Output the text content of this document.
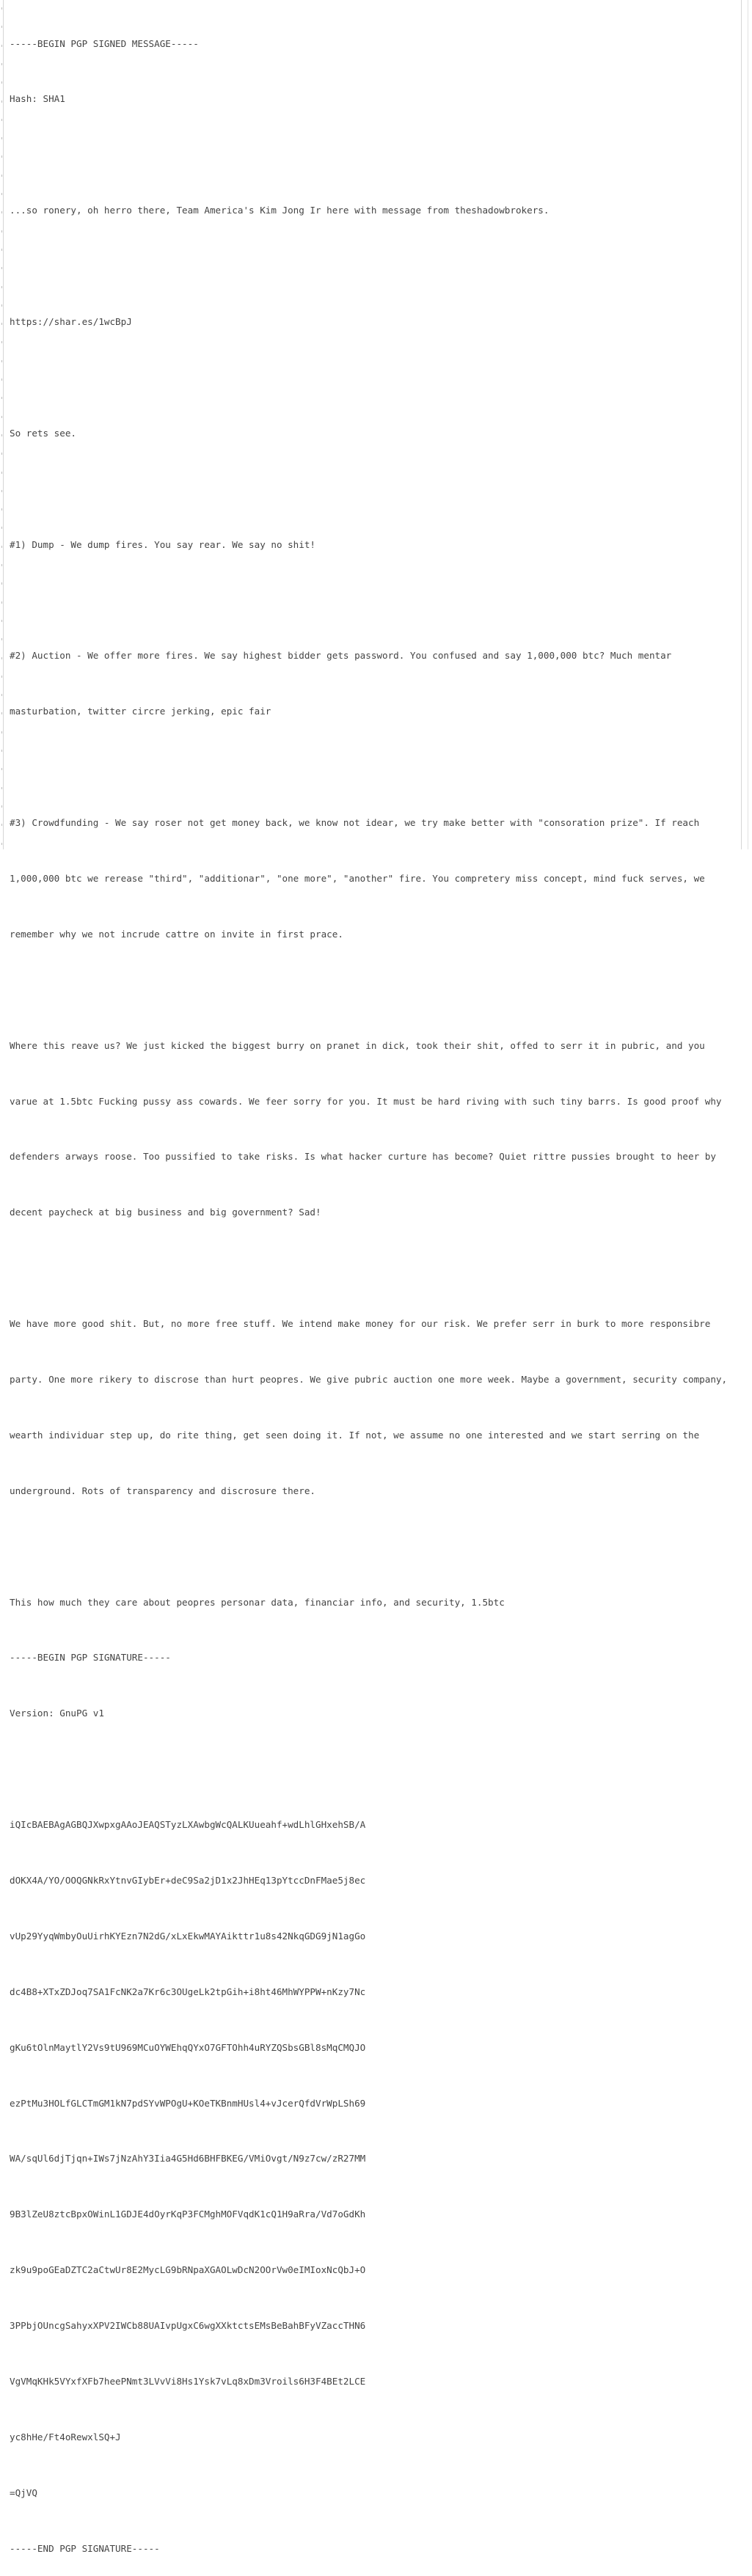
-----BEGIN PGP SIGNED MESSAGE-----

Hash: SHA1

...so ronery, oh herro there, Team America's Kim Jong Ir here with message from theshadowbrokers.

https://shar.es/1wcBpJ

So rets see.

#1) Dump - We dump fires. You say rear. We say no shit!

#2) Auction - We offer more fires. We say highest bidder gets password. You confused and say 1,000,000 btc? Much mentar

masturbation, twitter circre jerking, epic fair

#3) Crowdfunding - We say roser not get money back, we know not idear, we try make better with "consoration prize". If reach

1,000,000 btc we rerease "third", "additionar", "one more", "another" fire. You compretery miss concept, mind fuck serves, we

remember why we not incrude cattre on invite in first prace.

Where this reave us? We just kicked the biggest burry on pranet in dick, took their shit, offed to serr it in pubric, and you

varue at 1.5btc Fucking pussy ass cowards. We feer sorry for you. It must be hard riving with such tiny barrs. Is good proof why

defenders arways roose. Too pussified to take risks. Is what hacker curture has become? Quiet rittre pussies brought to heer by

decent paycheck at big business and big government? Sad!

We have more good shit. But, no more free stuff. We intend make money for our risk. We prefer serr in burk to more responsibre

party. One more rikery to discrose than hurt peopres. We give pubric auction one more week. Maybe a government, security company,

wearth individuar step up, do rite thing, get seen doing it. If not, we assume no one interested and we start serring on the

underground. Rots of transparency and discrosure there.

This how much they care about peopres personar data, financiar info, and security, 1.5btc

-----BEGIN PGP SIGNATURE-----

Version: GnuPG v1

iQIcBAEBAgAGBQJXwpxgAAoJEAQSTyzLXAwbgWcQALKUueahf+wdLhlGHxehSB/A

dOKX4A/YO/OOQGNkRxYtnvGIybEr+deC9Sa2jD1x2JhHEq13pYtccDnFMae5j8ec

vUp29YyqWmbyOuUirhKYEzn7N2dG/xLxEkwMAYAikttr1u8s42NkqGDG9jN1agGo

dc4B8+XTxZDJoq7SA1FcNK2a7Kr6c3OUgeLk2tpGih+i8ht46MhWYPPW+nKzy7Nc

gKu6tOlnMaytlY2Vs9tU969MCuOYWEhqQYxO7GFTOhh4uRYZQSbsGBl8sMqCMQJO

ezPtMu3HOLfGLCTmGM1kN7pdSYvWPOgU+KOeTKBnmHUsl4+vJcerQfdVrWpLSh69

WA/sqUl6djTjqn+IWs7jNzAhY3Iia4G5Hd6BHFBKEG/VMiOvgt/N9z7cw/zR27MM

9B3lZeU8ztcBpxOWinL1GDJE4dOyrKqP3FCMghMOFVqdK1cQ1H9aRra/Vd7oGdKh

zk9u9poGEaDZTC2aCtwUr8E2MycLG9bRNpaXGAOLwDcN2OOrVw0eIMIoxNcQbJ+O

3PPbjOUncgSahyxXPV2IWCb88UAIvpUgxC6wgXXktctsEMsBeBahBFyVZaccTHN6

VgVMqKHk5VYxfXFb7heePNmt3LVvVi8Hs1Ysk7vLq8xDm3Vroils6H3F4BEt2LCE

yc8hHe/Ft4oRewxlSQ+J

=QjVQ

-----END PGP SIGNATURE-----
